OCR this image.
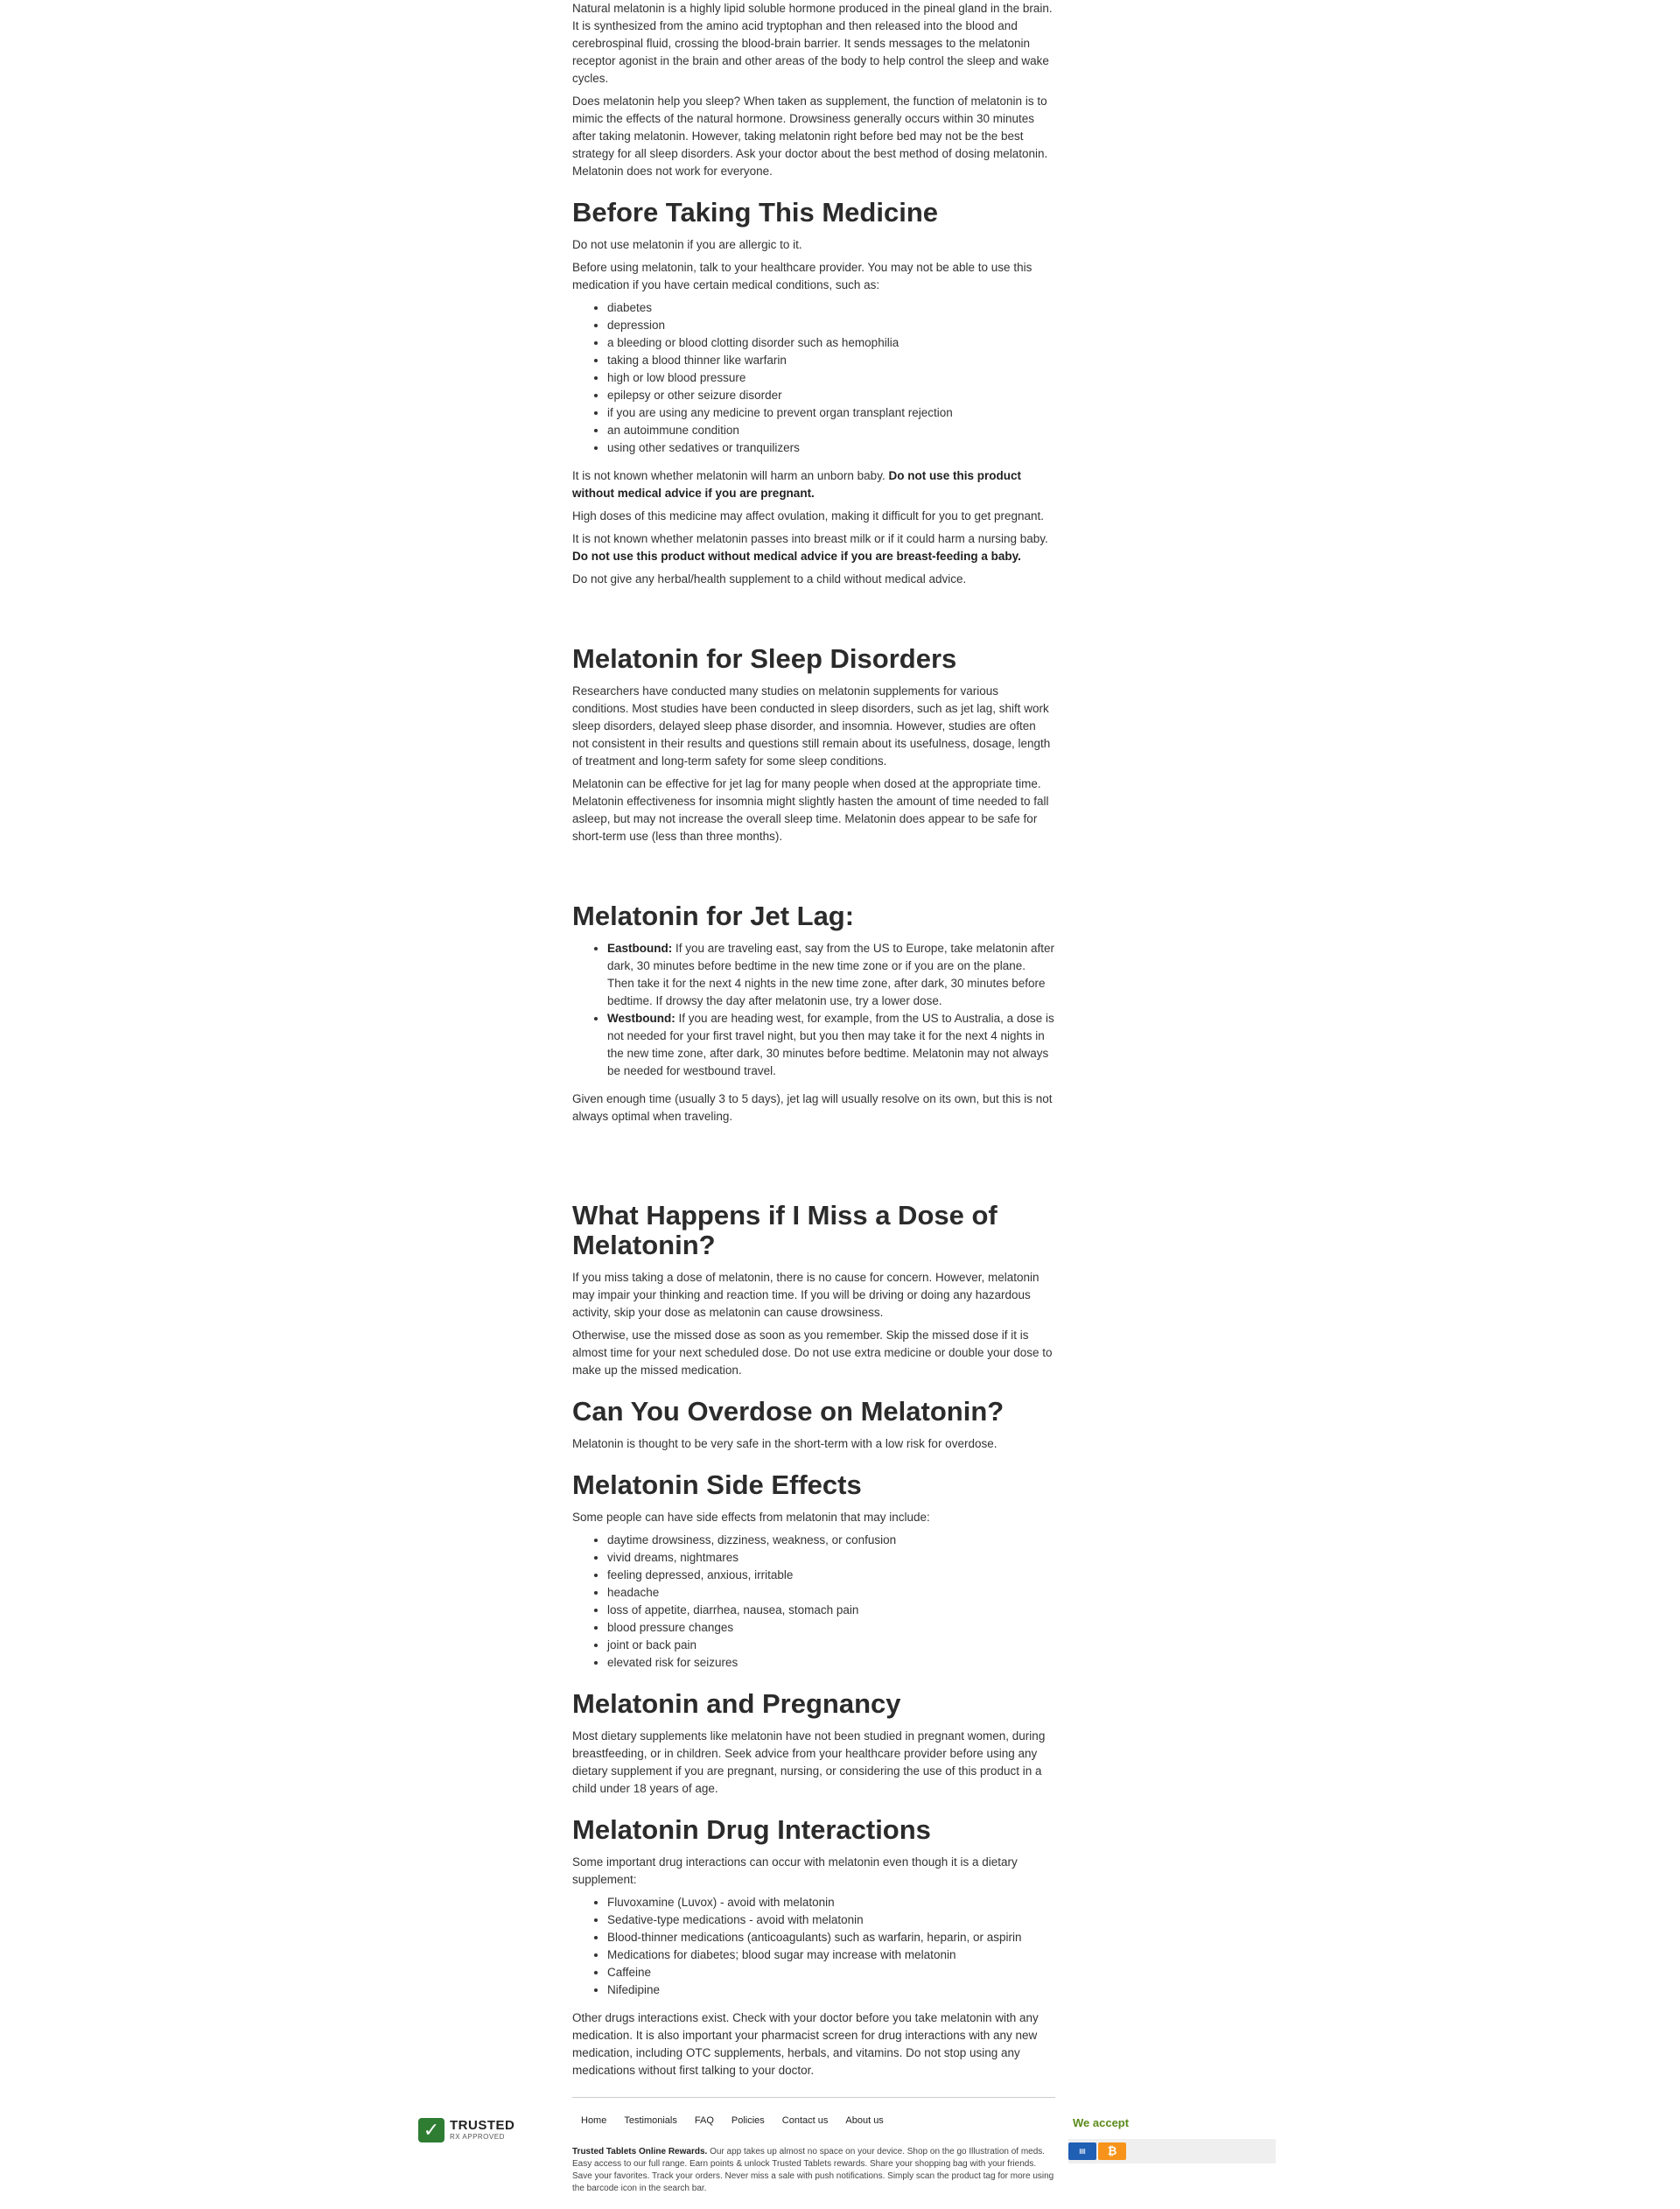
Natural melatonin is a highly lipid soluble hormone produced in the pineal gland in the brain. It is synthesized from the amino acid tryptophan and then released into the blood and cerebrospinal fluid, crossing the blood-brain barrier. It sends messages to the melatonin receptor agonist in the brain and other areas of the body to help control the sleep and wake cycles.

Does melatonin help you sleep? When taken as supplement, the function of melatonin is to mimic the effects of the natural hormone. Drowsiness generally occurs within 30 minutes after taking melatonin. However, taking melatonin right before bed may not be the best strategy for all sleep disorders. Ask your doctor about the best method of dosing melatonin. Melatonin does not work for everyone.

Before Taking This Medicine

Do not use melatonin if you are allergic to it.

Before using melatonin, talk to your healthcare provider. You may not be able to use this medication if you have certain medical conditions, such as:

• diabetes
• depression
• a bleeding or blood clotting disorder such as hemophilia
• taking a blood thinner like warfarin
• high or low blood pressure
• epilepsy or other seizure disorder
• if you are using any medicine to prevent organ transplant rejection
• an autoimmune condition
• using other sedatives or tranquilizers

It is not known whether melatonin will harm an unborn baby. Do not use this product without medical advice if you are pregnant.

High doses of this medicine may affect ovulation, making it difficult for you to get pregnant.

It is not known whether melatonin passes into breast milk or if it could harm a nursing baby. Do not use this product without medical advice if you are breast-feeding a baby.

Do not give any herbal/health supplement to a child without medical advice.

Melatonin for Sleep Disorders

Researchers have conducted many studies on melatonin supplements for various conditions. Most studies have been conducted in sleep disorders, such as jet lag, shift work sleep disorders, delayed sleep phase disorder, and insomnia. However, studies are often not consistent in their results and questions still remain about its usefulness, dosage, length of treatment and long-term safety for some sleep conditions.

Melatonin can be effective for jet lag for many people when dosed at the appropriate time. Melatonin effectiveness for insomnia might slightly hasten the amount of time needed to fall asleep, but may not increase the overall sleep time. Melatonin does appear to be safe for short-term use (less than three months).

Melatonin for Jet Lag:
• Eastbound: If you are traveling east, say from the US to Europe, take melatonin after dark, 30 minutes before bedtime in the new time zone or if you are on the plane. Then take it for the next 4 nights in the new time zone, after dark, 30 minutes before bedtime. If drowsy the day after melatonin use, try a lower dose.
• Westbound: If you are heading west, for example, from the US to Australia, a dose is not needed for your first travel night, but you then may take it for the next 4 nights in the new time zone, after dark, 30 minutes before bedtime. Melatonin may not always be needed for westbound travel.

Given enough time (usually 3 to 5 days), jet lag will usually resolve on its own, but this is not always optimal when traveling.

What Happens if I Miss a Dose of Melatonin?

If you miss taking a dose of melatonin, there is no cause for concern. However, melatonin may impair your thinking and reaction time. If you will be driving or doing any hazardous activity, skip your dose as melatonin can cause drowsiness.

Otherwise, use the missed dose as soon as you remember. Skip the missed dose if it is almost time for your next scheduled dose. Do not use extra medicine or double your dose to make up the missed medication.

Can You Overdose on Melatonin?

Melatonin is thought to be very safe in the short-term with a low risk for overdose.

Melatonin Side Effects

Some people can have side effects from melatonin that may include:

• daytime drowsiness, dizziness, weakness, or confusion
• vivid dreams, nightmares
• feeling depressed, anxious, irritable
• headache
• loss of appetite, diarrhea, nausea, stomach pain
• blood pressure changes
• joint or back pain
• elevated risk for seizures
Melatonin and Pregnancy

Most dietary supplements like melatonin have not been studied in pregnant women, during breastfeeding, or in children. Seek advice from your healthcare provider before using any dietary supplement if you are pregnant, nursing, or considering the use of this product in a child under 18 years of age.

Melatonin Drug Interactions

Some important drug interactions can occur with melatonin even though it is a dietary supplement:

• Fluvoxamine (Luvox) - avoid with melatonin
• Sedative-type medications - avoid with melatonin
• Blood-thinner medications (anticoagulants) such as warfarin, heparin, or aspirin
• Medications for diabetes; blood sugar may increase with melatonin
• Caffeine
• Nifedipine

Other drugs interactions exist. Check with your doctor before you take melatonin with any medication. It is also important your pharmacist screen for drug interactions with any new medication, including OTC supplements, herbals, and vitamins. Do not stop using any medications without first talking to your doctor.

✓ TRUSTED
RX APPROVED
Home Testimonials FAQ Policies Contact us About us

Trusted Tablets Online Rewards. Our app takes up almost no space on your device. Shop on the go Illustration of meds. Easy access to our full range. Earn points & unlock Trusted Tablets rewards. Share your shopping bag with your friends. Save your favorites. Track your orders. Never miss a sale with push notifications. Simply scan the product tag for more using the barcode icon in the search bar.

We accept
▤	₿
